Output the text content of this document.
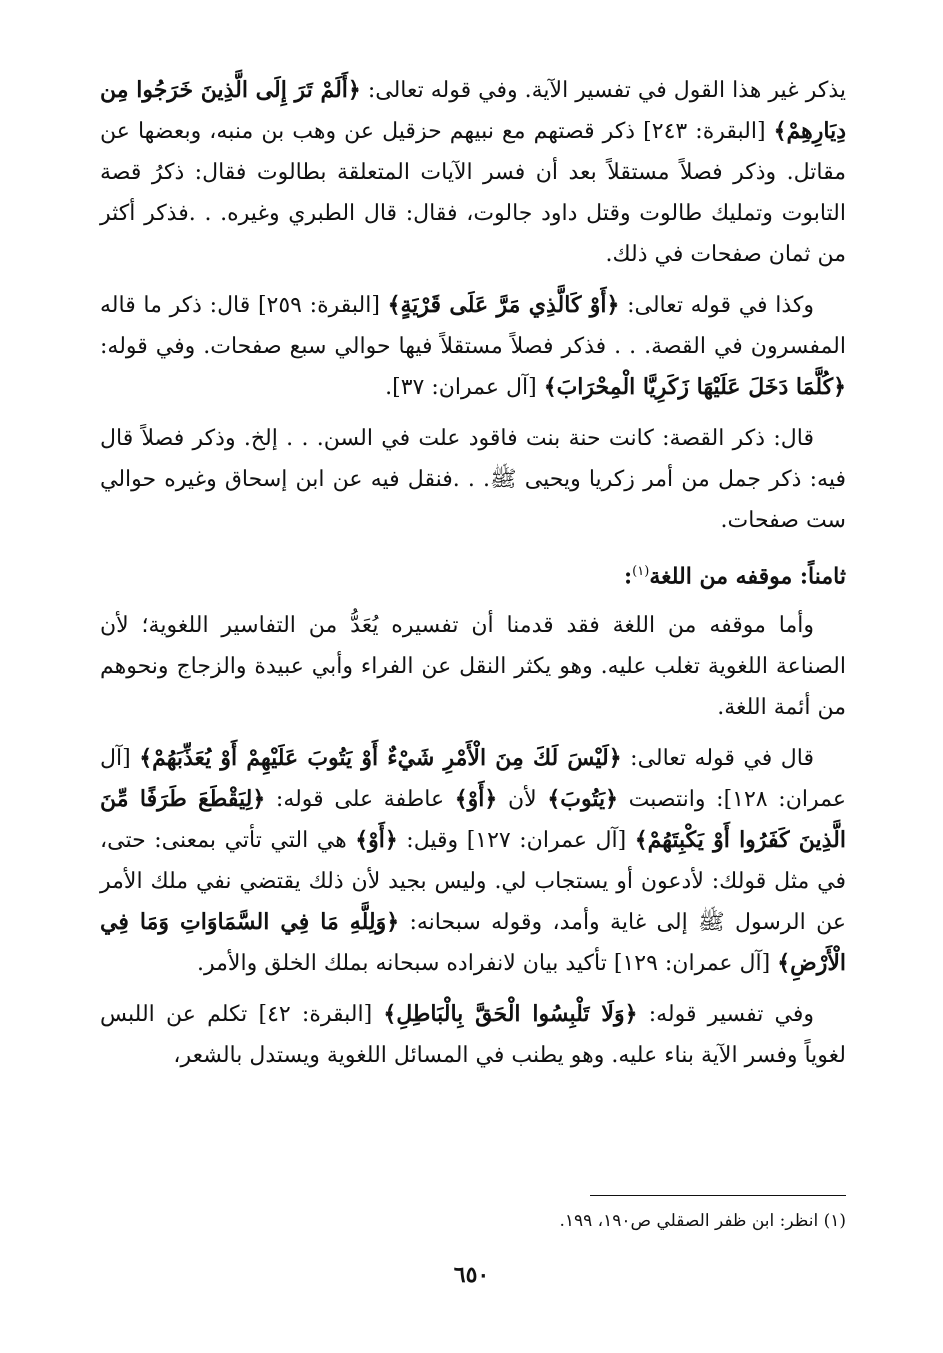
يذكر غير هذا القول في تفسير الآية. وفي قوله تعالى: ﴿أَلَمْ تَرَ إِلَى الَّذِينَ خَرَجُوا مِن دِيَارِهِمْ﴾ [البقرة: ٢٤٣] ذكر قصتهم مع نبيهم حزقيل عن وهب بن منبه، وبعضها عن مقاتل. وذكر فصلاً مستقلاً بعد أن فسر الآيات المتعلقة بطالوت فقال: ذكرُ قصة التابوت وتمليك طالوت وقتل داود جالوت، فقال: قال الطبري وغيره. . .فذكر أكثر من ثمان صفحات في ذلك.

وكذا في قوله تعالى: ﴿أَوْ كَالَّذِي مَرَّ عَلَى قَرْيَةٍ﴾ [البقرة: ٢٥٩] قال: ذكر ما قاله المفسرون في القصة. . . فذكر فصلاً مستقلاً فيها حوالي سبع صفحات. وفي قوله: ﴿كُلَّمَا دَخَلَ عَلَيْهَا زَكَرِيَّا الْمِحْرَابَ﴾ [آل عمران: ٣٧].

قال: ذكر القصة: كانت حنة بنت فاقود علت في السن. . . إلخ. وذكر فصلاً قال فيه: ذكر جمل من أمر زكريا ويحيى ﷺ. . .فنقل فيه عن ابن إسحاق وغيره حوالي ست صفحات.

ثامناً: موقفه من اللغة$^{(١)}$:

وأما موقفه من اللغة فقد قدمنا أن تفسيره يُعَدُّ من التفاسير اللغوية؛ لأن الصناعة اللغوية تغلب عليه. وهو يكثر النقل عن الفراء وأبي عبيدة والزجاج ونحوهم من أئمة اللغة.

قال في قوله تعالى: ﴿لَيْسَ لَكَ مِنَ الْأَمْرِ شَيْءٌ أَوْ يَتُوبَ عَلَيْهِمْ أَوْ يُعَذِّبَهُمْ﴾ [آل عمران: ١٢٨]: وانتصبت ﴿يَتُوبَ﴾ لأن ﴿أَوْ﴾ عاطفة على قوله: ﴿لِيَقْطَعَ طَرَفًا مِّنَ الَّذِينَ كَفَرُوا أَوْ يَكْبِتَهُمْ﴾ [آل عمران: ١٢٧] وقيل: ﴿أَوْ﴾ هي التي تأتي بمعنى: حتى، في مثل قولك: لأدعون أو يستجاب لي. وليس بجيد لأن ذلك يقتضي نفي ملك الأمر عن الرسول ﷺ إلى غاية وأمد، وقوله سبحانه: ﴿وَلِلَّهِ مَا فِي السَّمَاوَاتِ وَمَا فِي الْأَرْضِ﴾ [آل عمران: ١٢٩] تأكيد بيان لانفراده سبحانه بملك الخلق والأمر.

وفي تفسير قوله: ﴿وَلَا تَلْبِسُوا الْحَقَّ بِالْبَاطِلِ﴾ [البقرة: ٤٢] تكلم عن اللبس لغوياً وفسر الآية بناء عليه. وهو يطنب في المسائل اللغوية ويستدل بالشعر،

(١) انظر: ابن ظفر الصقلي ص١٩٠، ١٩٩.
٦٥٠
